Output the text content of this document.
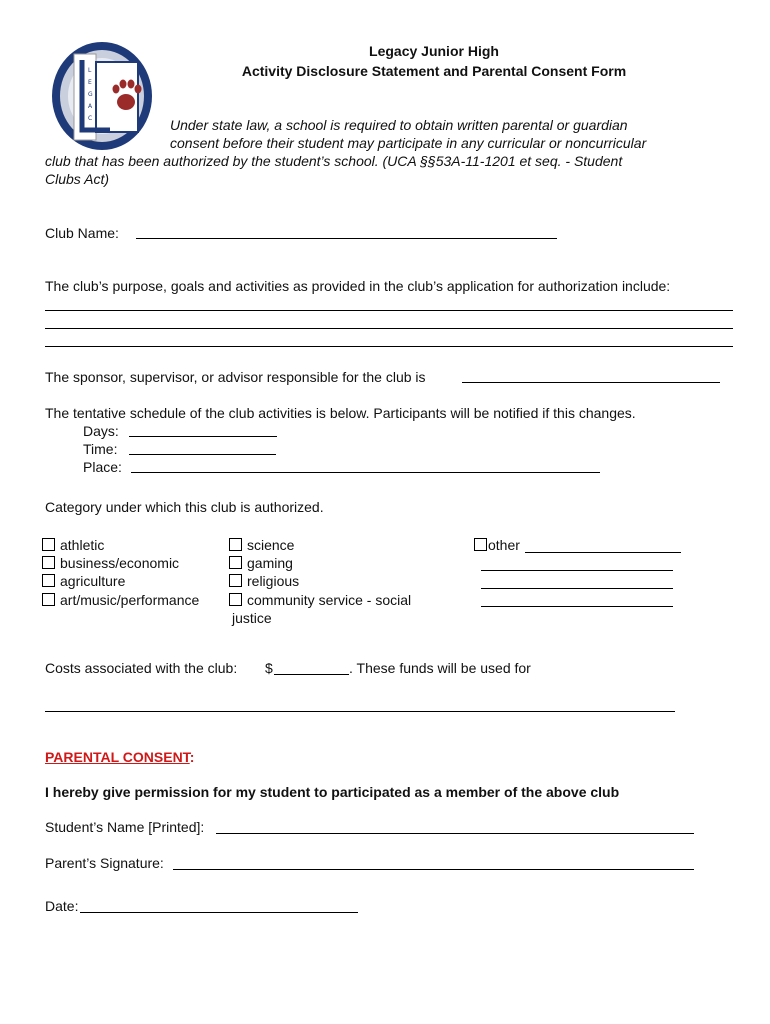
L
E
G
A
C
Legacy Junior High
Activity Disclosure Statement and Parental Consent Form
Under state law, a school is required to obtain written parental or guardian
consent before their student may participate in any curricular or noncurricular
club that has been authorized by the student’s school. (UCA §§53A-11-1201 et seq. - Student
Clubs Act)
Club Name:
The club’s purpose, goals and activities as provided in the club’s application for authorization include:
The sponsor, supervisor, or advisor responsible for the club is
The tentative schedule of the club activities is below. Participants will be notified if this changes.
Days:
Time:
Place:
Category under which this club is authorized.
athletic
business/economic
agriculture
art/music/performance
science
gaming
religious
community service - social
justice
other
Costs associated with the club: $	. These funds will be used for
PARENTAL CONSENT:
I hereby give permission for my student to participated as a member of the above club
Student’s Name [Printed]:
Parent’s Signature:
Date:
